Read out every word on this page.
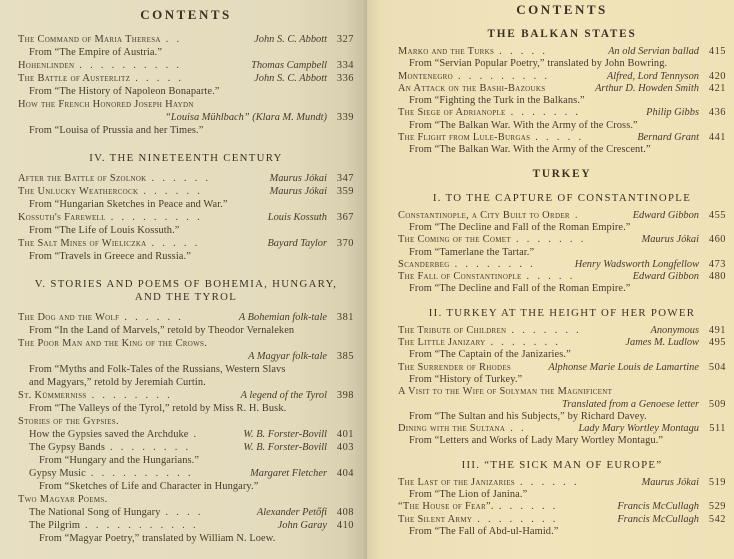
CONTENTS
The Command of Maria Theresa .  .	John S. C. Abbott 327
From “The Empire of Austria.”
Hohenlinden .  .  .  .  .  .  .  .  .  .	Thomas Campbell 334
The Battle of Austerlitz .  .  .  .  .	John S. C. Abbott 336
From “The History of Napoleon Bonaparte.”
How the French Honored Joseph Haydn
“Louisa Mühlbach” (Klara M. Mundt) 339
From “Louisa of Prussia and her Times.”
IV. THE NINETEENTH CENTURY
After the Battle of Szolnok .  .  .  .  .  .	Maurus Jókai 347
The Unlucky Weathercock .  .  .  .  .  .	Maurus Jókai 359
From “Hungarian Sketches in Peace and War.”
Kossuth's Farewell .  .  .  .  .  .  .  .  .	Louis Kossuth 367
From “The Life of Louis Kossuth.”
The Salt Mines of Wieliczka .  .  .  .  .	Bayard Taylor 370
From “Travels in Greece and Russia.”
V. STORIES AND POEMS OF BOHEMIA, HUNGARY,
AND THE TYROL
The Dog and the Wolf .  .  .  .  .  .	A Bohemian folk-tale 381
From “In the Land of Marvels,” retold by Theodor Vernaleken
The Poor Man and the King of the Crows.
A Magyar folk-tale 385
From “Myths and Folk-Tales of the Russians, Western Slavs
and Magyars,” retold by Jeremiah Curtin.
St. Kümmerniss .  .  .  .  .  .  .  .	A legend of the Tyrol 398
From “The Valleys of the Tyrol,” retold by Miss R. H. Busk.
Stories of the Gypsies.
How the Gypsies saved the Archduke .	W. B. Forster-Bovill 401
The Gypsy Bands .  .  .  .  .  .  .  .	W. B. Forster-Bovill 403
From “Hungary and the Hungarians.”
Gypsy Music .  .  .  .  .  .  .  .  .  .	Margaret Fletcher 404
From “Sketches of Life and Character in Hungary.”
Two Magyar Poems.
The National Song of Hungary .  .  .  .	Alexander Petőfi 408
The Pilgrim .  .  .  .  .  .  .  .  .  .  .	John Garay 410
From “Magyar Poetry,” translated by William N. Loew.
CONTENTS
THE BALKAN STATES
Marko and the Turks .  .  .  .  .	An old Servian ballad 415
From “Servian Popular Poetry,” translated by John Bowring.
Montenegro .  .  .  .  .  .  .  .  .	Alfred, Lord Tennyson 420
An Attack on the Bashi-Bazouks	Arthur D. Howden Smith 421
From “Fighting the Turk in the Balkans.”
The Siege of Adrianople .  .  .  .  .  .  .	Philip Gibbs 436
From “The Balkan War. With the Army of the Cross.”
The Flight from Lule-Burgas .  .  .  .  .	Bernard Grant 441
From “The Balkan War. With the Army of the Crescent.”
TURKEY
I. TO THE CAPTURE OF CONSTANTINOPLE
Constantinople, a City Built to Order .	Edward Gibbon 455
From “The Decline and Fall of the Roman Empire.”
The Coming of the Comet .  .  .  .  .  .  .	Maurus Jókai 460
From “Tamerlane the Tartar.”
Scanderbeg .  .  .  .  .  .  .  .	Henry Wadsworth Longfellow 473
The Fall of Constantinople .  .  .  .  .	Edward Gibbon 480
From “The Decline and Fall of the Roman Empire.”
II. TURKEY AT THE HEIGHT OF HER POWER
The Tribute of Children .  .  .  .  .  .  .	Anonymous 491
The Little Janizary .  .  .  .  .  .  .	James M. Ludlow 495
From “The Captain of the Janizaries.”
The Surrender of Rhodes	Alphonse Marie Louis de Lamartine 504
From “History of Turkey.”
A Visit to the Wife of Solyman the Magnificent
Translated from a Genoese letter 509
From “The Sultan and his Subjects,” by Richard Davey.
Dining with the Sultana .  .	Lady Mary Wortley Montagu 511
From “Letters and Works of Lady Mary Wortley Montagu.”
III. “THE SICK MAN OF EUROPE”
The Last of the Janizaries .  .  .  .  .  .	Maurus Jókai 519
From “The Lion of Janina.”
“The House of Fear”. .  .  .  .  .  .	Francis McCullagh 529
The Silent Army .  .  .  .  .  .  .  .	Francis McCullagh 542
From “The Fall of Abd-ul-Hamid.”
